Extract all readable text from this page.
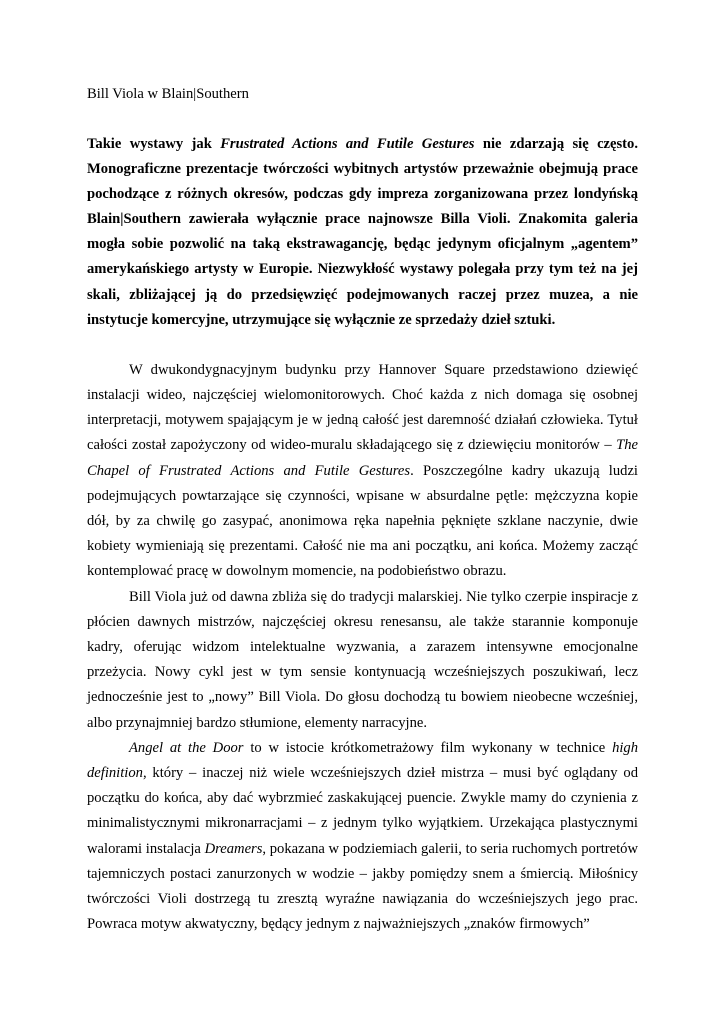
Bill Viola w Blain|Southern

Takie wystawy jak Frustrated Actions and Futile Gestures nie zdarzają się często. Monograficzne prezentacje twórczości wybitnych artystów przeważnie obejmują prace pochodzące z różnych okresów, podczas gdy impreza zorganizowana przez londyńską Blain|Southern zawierała wyłącznie prace najnowsze Billa Violi. Znakomita galeria mogła sobie pozwolić na taką ekstrawagancję, będąc jedynym oficjalnym „agentem” amerykańskiego artysty w Europie. Niezwykłość wystawy polegała przy tym też na jej skali, zbliżającej ją do przedsięwzięć podejmowanych raczej przez muzea, a nie instytucje komercyjne, utrzymujące się wyłącznie ze sprzedaży dzieł sztuki.

W dwukondygnacyjnym budynku przy Hannover Square przedstawiono dziewięć instalacji wideo, najczęściej wielomonitorowych. Choć każda z nich domaga się osobnej interpretacji, motywem spajającym je w jedną całość jest daremność działań człowieka. Tytuł całości został zapożyczony od wideo-muralu składającego się z dziewięciu monitorów – The Chapel of Frustrated Actions and Futile Gestures. Poszczególne kadry ukazują ludzi podejmujących powtarzające się czynności, wpisane w absurdalne pętle: mężczyzna kopie dół, by za chwilę go zasypać, anonimowa ręka napełnia pęknięte szklane naczynie, dwie kobiety wymieniają się prezentami. Całość nie ma ani początku, ani końca. Możemy zacząć kontemplować pracę w dowolnym momencie, na podobieństwo obrazu.

Bill Viola już od dawna zbliża się do tradycji malarskiej. Nie tylko czerpie inspiracje z płócien dawnych mistrzów, najczęściej okresu renesansu, ale także starannie komponuje kadry, oferując widzom intelektualne wyzwania, a zarazem intensywne emocjonalne przeżycia. Nowy cykl jest w tym sensie kontynuacją wcześniejszych poszukiwań, lecz jednocześnie jest to „nowy” Bill Viola. Do głosu dochodzą tu bowiem nieobecne wcześniej, albo przynajmniej bardzo stłumione, elementy narracyjne.

Angel at the Door to w istocie krótkometrażowy film wykonany w technice high definition, który – inaczej niż wiele wcześniejszych dzieł mistrza – musi być oglądany od początku do końca, aby dać wybrzmieć zaskakującej puencie. Zwykle mamy do czynienia z minimalistycznymi mikronarracjami – z jednym tylko wyjątkiem. Urzekająca plastycznymi walorami instalacja Dreamers, pokazana w podziemiach galerii, to seria ruchomych portretów tajemniczych postaci zanurzonych w wodzie – jakby pomiędzy snem a śmiercią. Miłośnicy twórczości Violi dostrzegą tu zresztą wyraźne nawiązania do wcześniejszych jego prac. Powraca motyw akwatyczny, będący jednym z najważniejszych „znaków firmowych”
